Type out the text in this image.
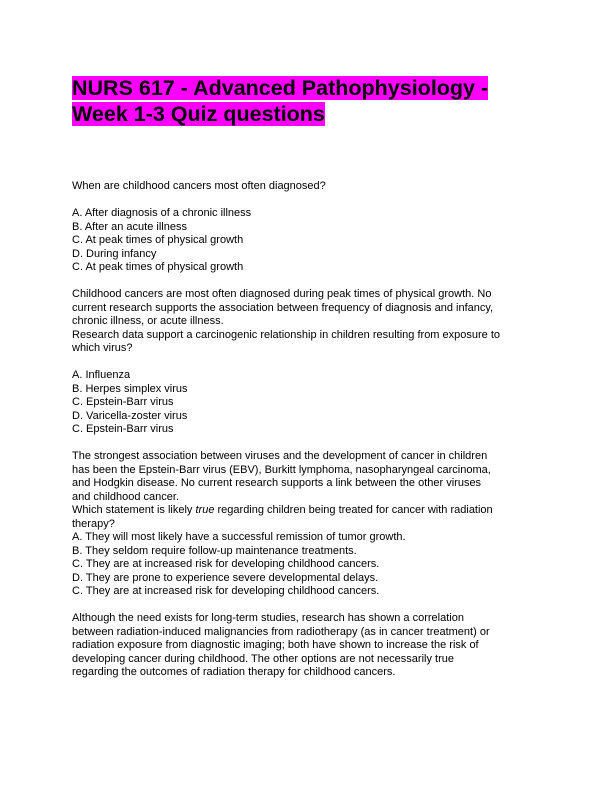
NURS 617 - Advanced Pathophysiology -
Week 1-3 Quiz questions
When are childhood cancers most often diagnosed?
A. After diagnosis of a chronic illness
B. After an acute illness
C. At peak times of physical growth
D. During infancy
C. At peak times of physical growth
Childhood cancers are most often diagnosed during peak times of physical growth. No
current research supports the association between frequency of diagnosis and infancy,
chronic illness, or acute illness.
Research data support a carcinogenic relationship in children resulting from exposure to
which virus?
A. Influenza
B. Herpes simplex virus
C. Epstein-Barr virus
D. Varicella-zoster virus
C. Epstein-Barr virus
The strongest association between viruses and the development of cancer in children
has been the Epstein-Barr virus (EBV), Burkitt lymphoma, nasopharyngeal carcinoma,
and Hodgkin disease. No current research supports a link between the other viruses
and childhood cancer.
Which statement is likely true regarding children being treated for cancer with radiation
therapy?
A. They will most likely have a successful remission of tumor growth.
B. They seldom require follow-up maintenance treatments.
C. They are at increased risk for developing childhood cancers.
D. They are prone to experience severe developmental delays.
C. They are at increased risk for developing childhood cancers.
Although the need exists for long-term studies, research has shown a correlation
between radiation-induced malignancies from radiotherapy (as in cancer treatment) or
radiation exposure from diagnostic imaging; both have shown to increase the risk of
developing cancer during childhood. The other options are not necessarily true
regarding the outcomes of radiation therapy for childhood cancers.
